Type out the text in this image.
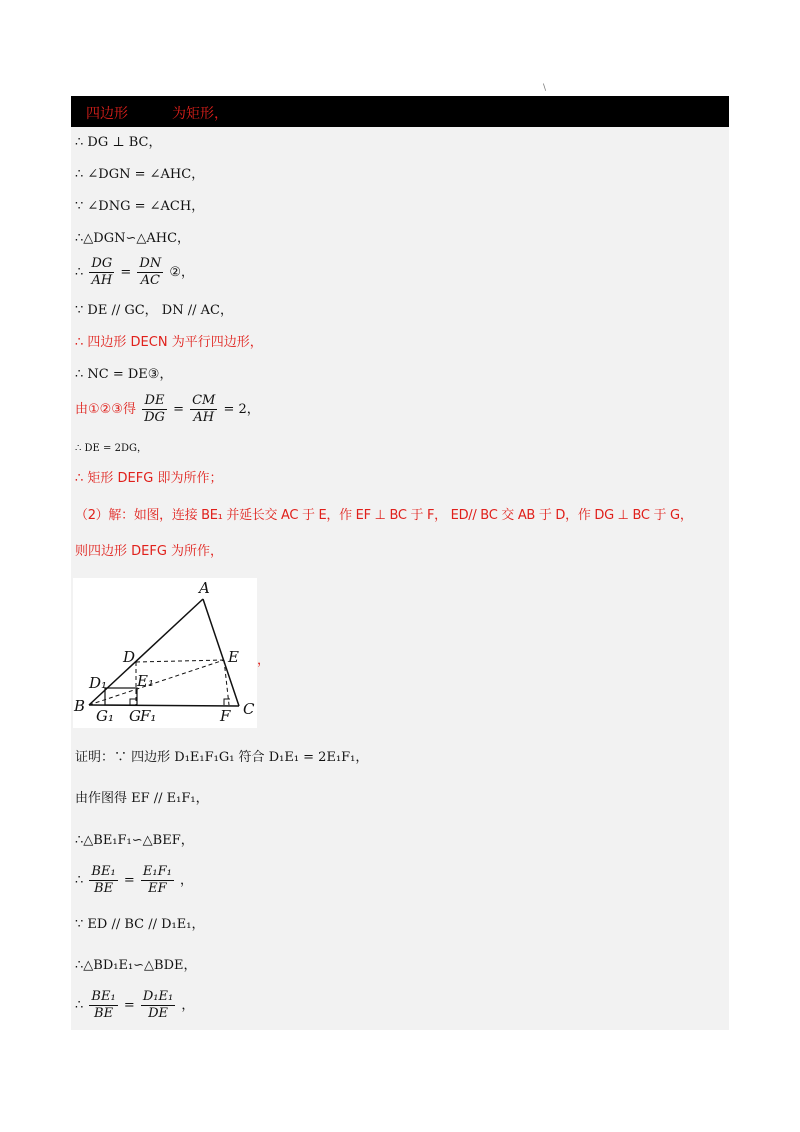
\
四边形	为矩形，
∴ DG ⊥ BC，
∴ ∠DGN = ∠AHC，
∵ ∠DNG = ∠ACH，
∴△DGN∽△AHC，
∴ $\frac{DG}{AH} = \frac{DN}{AC}$ ②，
∵ DE // GC， DN // AC，
∴ 四边形 DECN 为平行四边形，
∴ NC = DE③，
由①②③得 $\frac{DE}{DG} = \frac{CM}{AH} = 2$，
∴ DE = 2DG，
∴ 矩形 DEFG 即为所作；
（2）解：如图，连接 BE₁ 并延长交 AC 于 E，作 EF ⊥ BC 于 F， ED// BC 交 AB 于 D，作 DG ⊥ BC 于 G，
则四边形 DEFG 为所作，
A
B	C
D	E
F
G
D₁ E₁
G₁ F₁
，
证明：∵ 四边形 D₁E₁F₁G₁ 符合 D₁E₁ = 2E₁F₁，
由作图得 EF // E₁F₁，
∴△BE₁F₁∽△BEF，
∴ $\frac{\text{BE₁}}{BE} = \frac{\text{E₁F₁}}{EF}$ ，
∵ ED // BC // D₁E₁，
∴△BD₁E₁∽△BDE，
∴ $\frac{\text{BE₁}}{BE} = \frac{\text{D₁E₁}}{DE}$ ，
